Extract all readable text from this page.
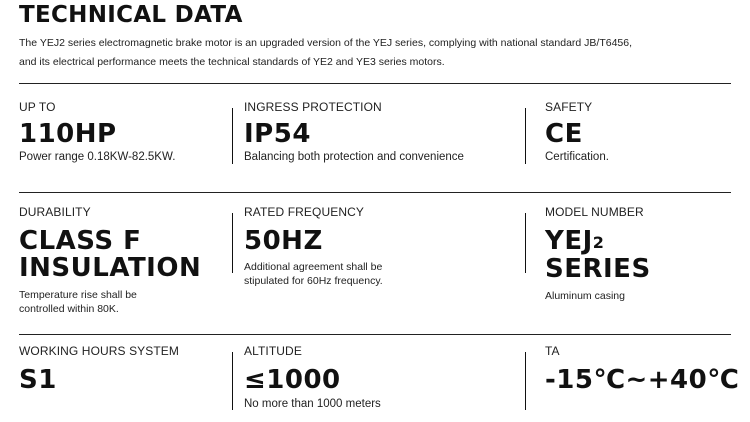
TECHNICAL DATA
The YEJ2 series electromagnetic brake motor is an upgraded version of the YEJ series, complying with national standard JB/T6456,
and its electrical performance meets the technical standards of YE2 and YE3 series motors.
UP TO
110HP
Power range 0.18KW-82.5KW.
INGRESS PROTECTION
IP54
Balancing both protection and convenience
SAFETY
CE
Certification.
DURABILITY
CLASS F
INSULATION
Temperature rise shall be
controlled within 80K.
RATED FREQUENCY
50HZ
Additional agreement shall be
stipulated for 60Hz frequency.
MODEL NUMBER
YEJ2
SERIES
Aluminum casing
WORKING HOURS SYSTEM
S1
ALTITUDE
≤1000
No more than 1000 meters
TA
-15℃~+40℃
